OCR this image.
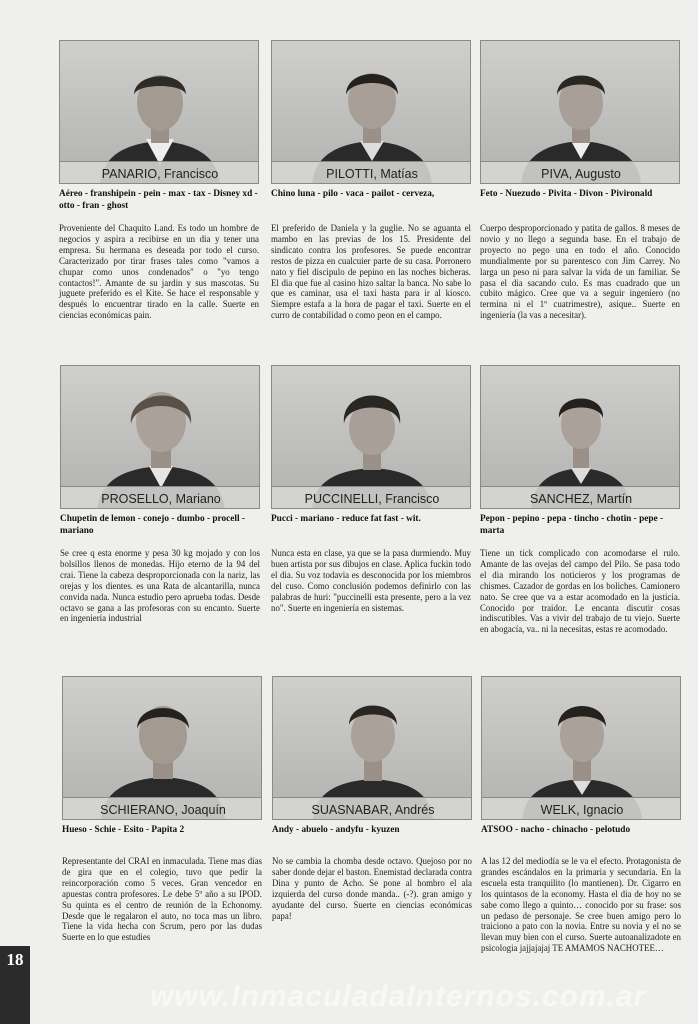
PANARIO, Francisco
Aéreo - franshipein - pein - max - tax - Disney xd - otto - fran - ghost
Proveniente del Chaquito Land. Es todo un hombre de negocios y aspira a recibirse en un dia y tener una empresa. Su hermana es deseada por todo el curso. Caracterizado por tirar frases tales como "vamos a chupar como unos condenados" o "yo tengo contactos!". Amante de su jardin y sus mascotas. Su juguete preferido es el Kite. Se hace el responsable y después lo encuentrar tirado en la calle. Suerte en ciencias económicas pain.
PILOTTI, Matías
Chino luna - pilo - vaca - pailot - cerveza,
El preferido de Daniela y la guglie. No se aguanta el mambo en las previas de los 15. Presidente del sindicato contra los profesores. Se puede encontrar restos de pizza en cualcuier parte de su casa. Porronero nato y fiel discipulo de pepino en las noches bicheras. El dia que fue al casino hizo saltar la banca. No sabe lo que es caminar, usa el taxi hasta para ir al kiosco. Siempre estafa a la hora de pagar el taxi. Suerte en el curro de contabilidad o como peon en el campo.
PIVA, Augusto
Feto - Nuezudo - Pivita - Divon - Pivironald
Cuerpo desproporcionado y patita de gallos. 8 meses de novio y no llego a segunda base. En el trabajo de proyecto no pego una en todo el año. Conocido mundialmente por su parentesco con Jim Carrey. No larga un peso ni para salvar la vida de un familiar. Se pasa el dia sacando culo. Es mas cuadrado que un cubito mágico. Cree que va a seguir ingeniero (no termina ni el 1º cuatrimestre), asique.. Suerte en ingeniería (la vas a necesitar).
PROSELLO, Mariano
Chupetin de lemon - conejo - dumbo - procell - mariano
Se cree q esta enorme y pesa 30 kg mojado y con los bolsillos llenos de monedas. Hijo eterno de la 94 del crai. Tiene la cabeza desproporcionada con la nariz, las orejas y los dientes. es una Rata de alcantarilla, nunca convida nada. Nunca estudio pero aprueba todas. Desde octavo se gana a las profesoras con su encanto. Suerte en ingeniería industrial
PUCCINELLI, Francisco
Pucci - mariano - reduce fat fast - wit.
Nunca esta en clase, ya que se la pasa durmiendo. Muy buen artista por sus dibujos en clase. Aplica fuckin todo el dia. Su voz todavia es desconocida por los miembros del cuso. Como conclusión podemos definirlo con las palabras de huri: "puccinelli esta presente, pero a la vez no". Suerte en ingeniería en sistemas.
SANCHEZ, Martín
Pepon - pepino - pepa - tincho - chotin - pepe - marta
Tiene un tick complicado con acomodarse el rulo. Amante de las ovejas del campo del Pilo. Se pasa todo el dia mirando los noticieros y los programas de chismes. Cazador de gordas en los boliches. Camionero nato. Se cree que va a estar acomodado en la justicia. Conocido por traidor. Le encanta discutir cosas indiscutibles. Vas a vivir del trabajo de tu viejo. Suerte en abogacía, va.. ni la necesitas, estas re acomodado.
SCHIERANO, Joaquín
Hueso - Schie - Esito - Papita 2
Representante del CRAI en inmaculada. Tiene mas días de gira que en el colegio, tuvo que pedir la reincorporación como 5 veces. Gran vencedor en apuestas contra profesores. Le debe 5º año a su IPOD. Su quinta es el centro de reunión de la Echonomy. Desde que le regalaron el auto, no toca mas un libro. Tiene la vida hecha con Scrum, pero por las dudas Suerte en lo que estudies
SUASNABAR, Andrés
Andy - abuelo - andyfu - kyuzen
No se cambia la chomba desde octavo. Quejoso por no saber donde dejar el baston. Enemistad declarada contra Dina y punto de Acho. Se pone al hombro el ala izquierda del curso donde manda.. (-?). gran amigo y ayudante del curso. Suerte en ciencias económicas papa!
WELK, Ignacio
ATSOO - nacho - chinacho - pelotudo
A las 12 del mediodía se le va el efecto. Protagonista de grandes escándalos en la primaria y secundaria. En la escuela esta tranquilito (lo mantienen). Dr. Cigarro en los quintasos de la economy. Hasta el dia de hoy no se sabe como llego a quinto… conocido por su frase: sos un pedaso de personaje. Se cree buen amigo pero lo traiciono a pato con la novia. Entre su novia y el no se llevan muy bien con el curso. Suerte autoanalizadote en psicologia jajjajajaj TE AMAMOS NACHOTEE…
18
www.InmaculadaInternos.com.ar
